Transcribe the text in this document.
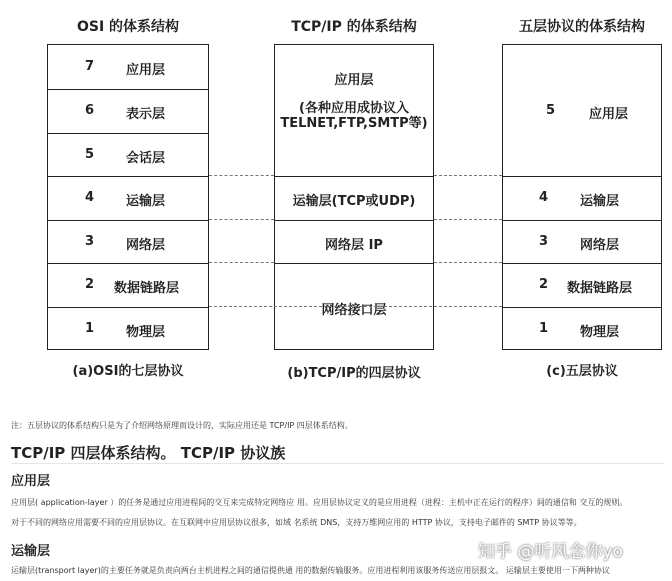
OSI 的体系结构	TCP/IP 的体系结构	五层协议的体系结构
7 应用层
6 表示层
5 会话层
4 运输层
3 网络层
2 数据链路层
1 物理层
应用层
(各种应用成协议入
TELNET,FTP,SMTP等)
运输层(TCP或UDP)
网络层 IP
网络接口层
5	应用层
4 运输层
3 网络层
2 数据链路层
1 物理层
(a)OSI的七层协议	(b)TCP/IP的四层协议	(c)五层协议
注：五层协议的体系结构只是为了介绍网络原理而设计的，实际应用还是 TCP/IP 四层体系结构。
TCP/IP 四层体系结构。 TCP/IP 协议族
应用层
应用层( application-layer ）的任务是通过应用进程间的交互来完成特定网络应 用。应用层协议定义的是应用进程（进程：主机中正在运行的程序）间的通信和 交互的规则。
对于不同的网络应用需要不同的应用层协议。在互联网中应用层协议很多，如域 名系统 DNS，支持万维网应用的 HTTP 协议，支持电子邮件的 SMTP 协议等等。
运输层
运输层(transport layer)的主要任务就是负责向两台主机进程之间的通信提供通 用的数据传输服务。应用进程利用该服务传送应用层报文。 运输层主要使用一下两种协议
知乎 @听风念你yo
